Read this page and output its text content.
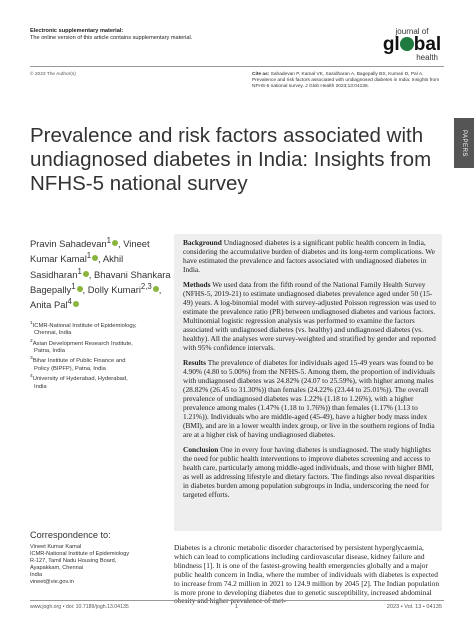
Electronic supplementary material:
The online version of this article contains supplementary material.
journal of
gl bal
health
© 2023 The Author(s)	Cite as: Sahadevan P, Kamal VK, Sasidharan A, Bagepally BS, Kumari D, Pal A. Prevalence and risk factors associated with undiagnosed diabetes in India: Insights from NFHS-5 national survey. J Glob Health 2023;13:04135.
PAPERS
Prevalence and risk factors associated with undiagnosed diabetes in India: Insights from NFHS-5 national survey
Pravin Sahadevan$^1$ , Vineet Kumar Kamal$^1$ , Akhil Sasidharan$^1$ , Bhavani Shankara Bagepally$^1$ , Dolly Kumari$^{2,3}$ , Anita Pal$^4$
$^1$ICMR-National Institute of Epidemiology,
Chennai, India
$^2$Asian Development Research Institute,
Patna, India
$^3$Bihar Institute of Public Finance and
Policy (BIPFP), Patna, India
$^4$University of Hyderabad, Hyderabad,
India

Background Undiagnosed diabetes is a significant public health concern in India, considering the accumulative burden of diabetes and its long-term complications. We have estimated the prevalence and factors associated with undiagnosed diabetes in India.

Methods We used data from the fifth round of the National Family Health Survey (NFHS-5, 2019-21) to estimate undiagnosed diabetes prevalence aged under 50 (15-49) years. A log-binomial model with survey-adjusted Poisson regression was used to estimate the prevalence ratio (PR) between undiagnosed diabetes and various factors. Multinomial logistic regression analysis was performed to examine the factors associated with undiagnosed diabetes (vs. healthy) and undiagnosed diabetes (vs. healthy). All the analyses were survey-weighted and stratified by gender and reported with 95% confidence intervals.

Results The prevalence of diabetes for individuals aged 15-49 years was found to be 4.90% (4.80 to 5.00%) from the NFHS-5. Among them, the proportion of individuals with undiagnosed diabetes was 24.82% (24.07 to 25.59%), with higher among males (28.82% (26.45 to 31.30%)) than females (24.22% (23.44 to 25.01%)). The overall prevalence of undiagnosed diabetes was 1.22% (1.18 to 1.26%), with a higher prevalence among males (1.47% (1.18 to 1.76%)) than females (1.17% (1.13 to 1.21%)). Individuals who are middle-aged (45-49), have a higher body mass index (BMI), and are in a lower wealth index group, or live in the southern regions of India are at a higher risk of having undiagnosed diabetes.

Conclusion One in every four having diabetes is undiagnosed. The study highlights the need for public health interventions to improve diabetes screening and access to health care, particularly among middle-aged individuals, and those with higher BMI, as well as addressing lifestyle and dietary factors. The findings also reveal disparities in diabetes burden among population subgroups in India, underscoring the need for targeted efforts.

Correspondence to:
Vineet Kumar Kamal
ICMR-National Institute of Epidemiology
R-127, Tamil Nadu Housing Board,
Ayapakkam, Chennai
India
vineet@vie.gov.in
Diabetes is a chronic metabolic disorder characterised by persistent hyperglycaemia, which can lead to complications including cardiovascular disease, kidney failure and blindness [1]. It is one of the fastest-growing health emergencies globally and a major public health concern in India, where the number of individuals with diabetes is expected to increase from 74.2 million in 2021 to 124.9 million by 2045 [2]. The Indian population is more prone to developing diabetes due to genetic susceptibility, increased abdominal
www.jogh.org • doi: 10.7189/jogh.13.04135	1	2023 • Vol. 13 • 04135
